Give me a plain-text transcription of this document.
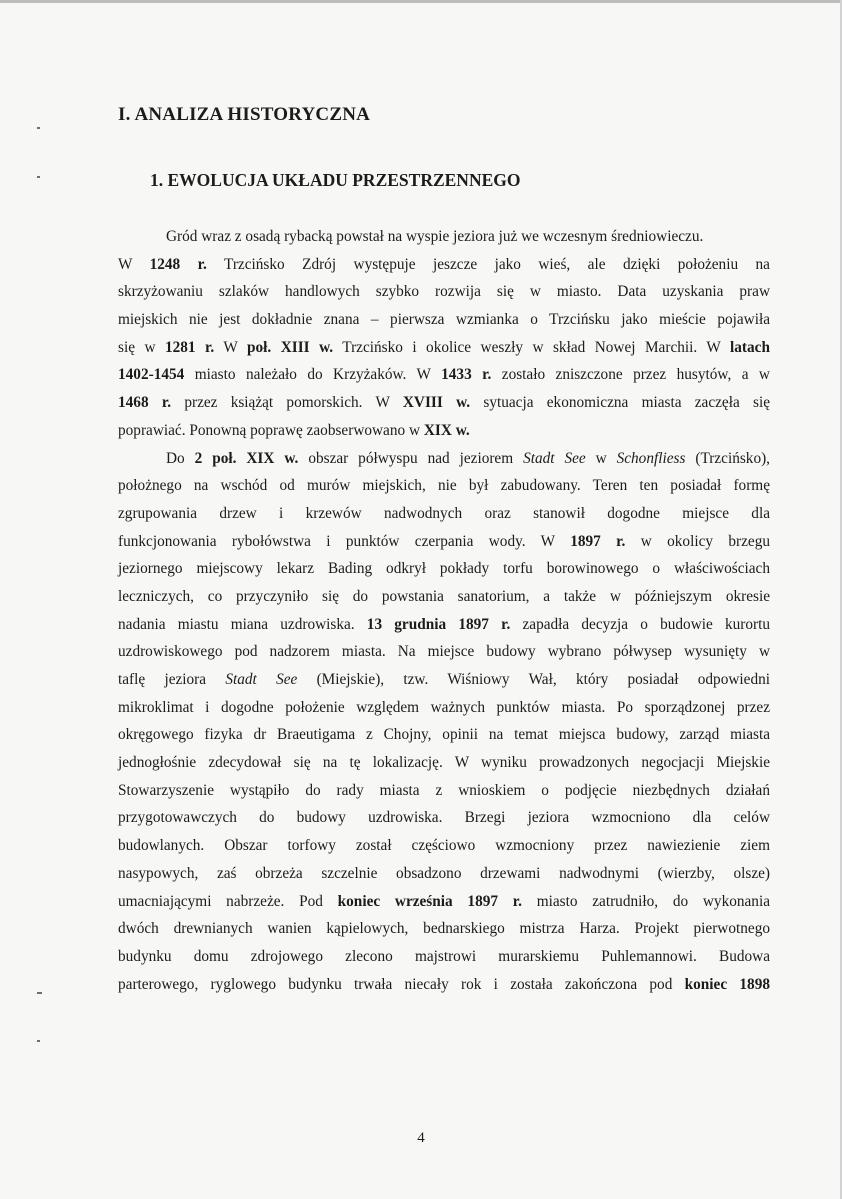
I. ANALIZA HISTORYCZNA
1. EWOLUCJA UKŁADU PRZESTRZENNEGO
Gród wraz z osadą rybacką powstał na wyspie jeziora już we wczesnym średniowieczu.
W 1248 r. Trzcińsko Zdrój występuje jeszcze jako wieś, ale dzięki położeniu na
skrzyżowaniu szlaków handlowych szybko rozwija się w miasto. Data uzyskania praw
miejskich nie jest dokładnie znana – pierwsza wzmianka o Trzcińsku jako mieście pojawiła
się w 1281 r. W poł. XIII w. Trzcińsko i okolice weszły w skład Nowej Marchii. W latach
1402-1454 miasto należało do Krzyżaków. W 1433 r. zostało zniszczone przez husytów, a w
1468 r. przez książąt pomorskich. W XVIII w. sytuacja ekonomiczna miasta zaczęła się
poprawiać. Ponowną poprawę zaobserwowano w XIX w.
Do 2 poł. XIX w. obszar półwyspu nad jeziorem Stadt See w Schonfliess (Trzcińsko),
położnego na wschód od murów miejskich, nie był zabudowany. Teren ten posiadał formę
zgrupowania drzew i krzewów nadwodnych oraz stanowił dogodne miejsce dla
funkcjonowania rybołówstwa i punktów czerpania wody. W 1897 r. w okolicy brzegu
jeziornego miejscowy lekarz Bading odkrył pokłady torfu borowinowego o właściwościach
leczniczych, co przyczyniło się do powstania sanatorium, a także w późniejszym okresie
nadania miastu miana uzdrowiska. 13 grudnia 1897 r. zapadła decyzja o budowie kurortu
uzdrowiskowego pod nadzorem miasta. Na miejsce budowy wybrano półwysep wysunięty w
taflę jeziora Stadt See (Miejskie), tzw. Wiśniowy Wał, który posiadał odpowiedni
mikroklimat i dogodne położenie względem ważnych punktów miasta. Po sporządzonej przez
okręgowego fizyka dr Braeutigama z Chojny, opinii na temat miejsca budowy, zarząd miasta
jednogłośnie zdecydował się na tę lokalizację. W wyniku prowadzonych negocjacji Miejskie
Stowarzyszenie wystąpiło do rady miasta z wnioskiem o podjęcie niezbędnych działań
przygotowawczych do budowy uzdrowiska. Brzegi jeziora wzmocniono dla celów
budowlanych. Obszar torfowy został częściowo wzmocniony przez nawiezienie ziem
nasypowych, zaś obrzeża szczelnie obsadzono drzewami nadwodnymi (wierzby, olsze)
umacniającymi nabrzeże. Pod koniec września 1897 r. miasto zatrudniło, do wykonania
dwóch drewnianych wanien kąpielowych, bednarskiego mistrza Harza. Projekt pierwotnego
budynku domu zdrojowego zlecono majstrowi murarskiemu Puhlemannowi. Budowa
parterowego, ryglowego budynku trwała niecały rok i została zakończona pod koniec 1898
4
